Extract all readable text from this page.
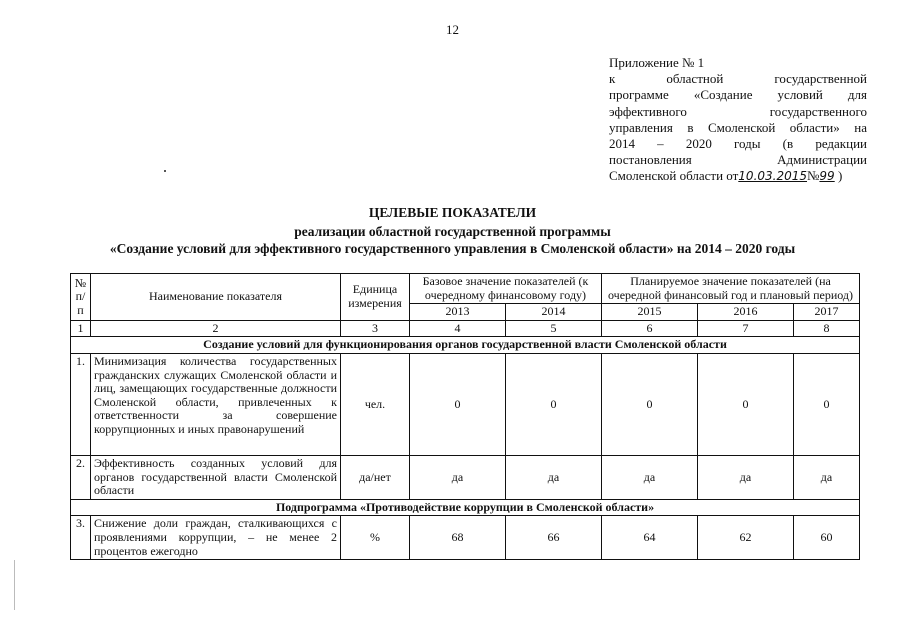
12
Приложение № 1
к областной государственной
программе «Создание условий для
эффективного государственного
управления в Смоленской области» на
2014 – 2020 годы (в редакции
постановления Администрации
Смоленской области от10.03.2015№99 )
ЦЕЛЕВЫЕ ПОКАЗАТЕЛИ
реализации областной государственной программы
«Создание условий для эффективного государственного управления в Смоленской области» на 2014 – 2020 годы
№ п/п	Наименование показателя	Единица измерения	Базовое значение показателей (к очередному финансовому году)		Планируемое значение показателей (на очередной финансовый год и плановый период)		
			2013	2014	2015	2016	2017
1	2	3	4	5	6	7	8
Создание условий для функционирования органов государственной власти Смоленской области							
1.	Минимизация количества государственных гражданских служащих Смоленской области и лиц, замещающих государственные должности Смоленской области, привлеченных к ответственности за совершение коррупционных и иных правонарушений	чел.	0	0	0	0	0
2.	Эффективность созданных условий для органов государственной власти Смоленской области	да/нет	да	да	да	да	да
Подпрограмма «Противодействие коррупции в Смоленской области»							
3.	Снижение доли граждан, сталкивающихся с проявлениями коррупции, – не менее 2 процентов ежегодно	%	68	66	64	62	60
